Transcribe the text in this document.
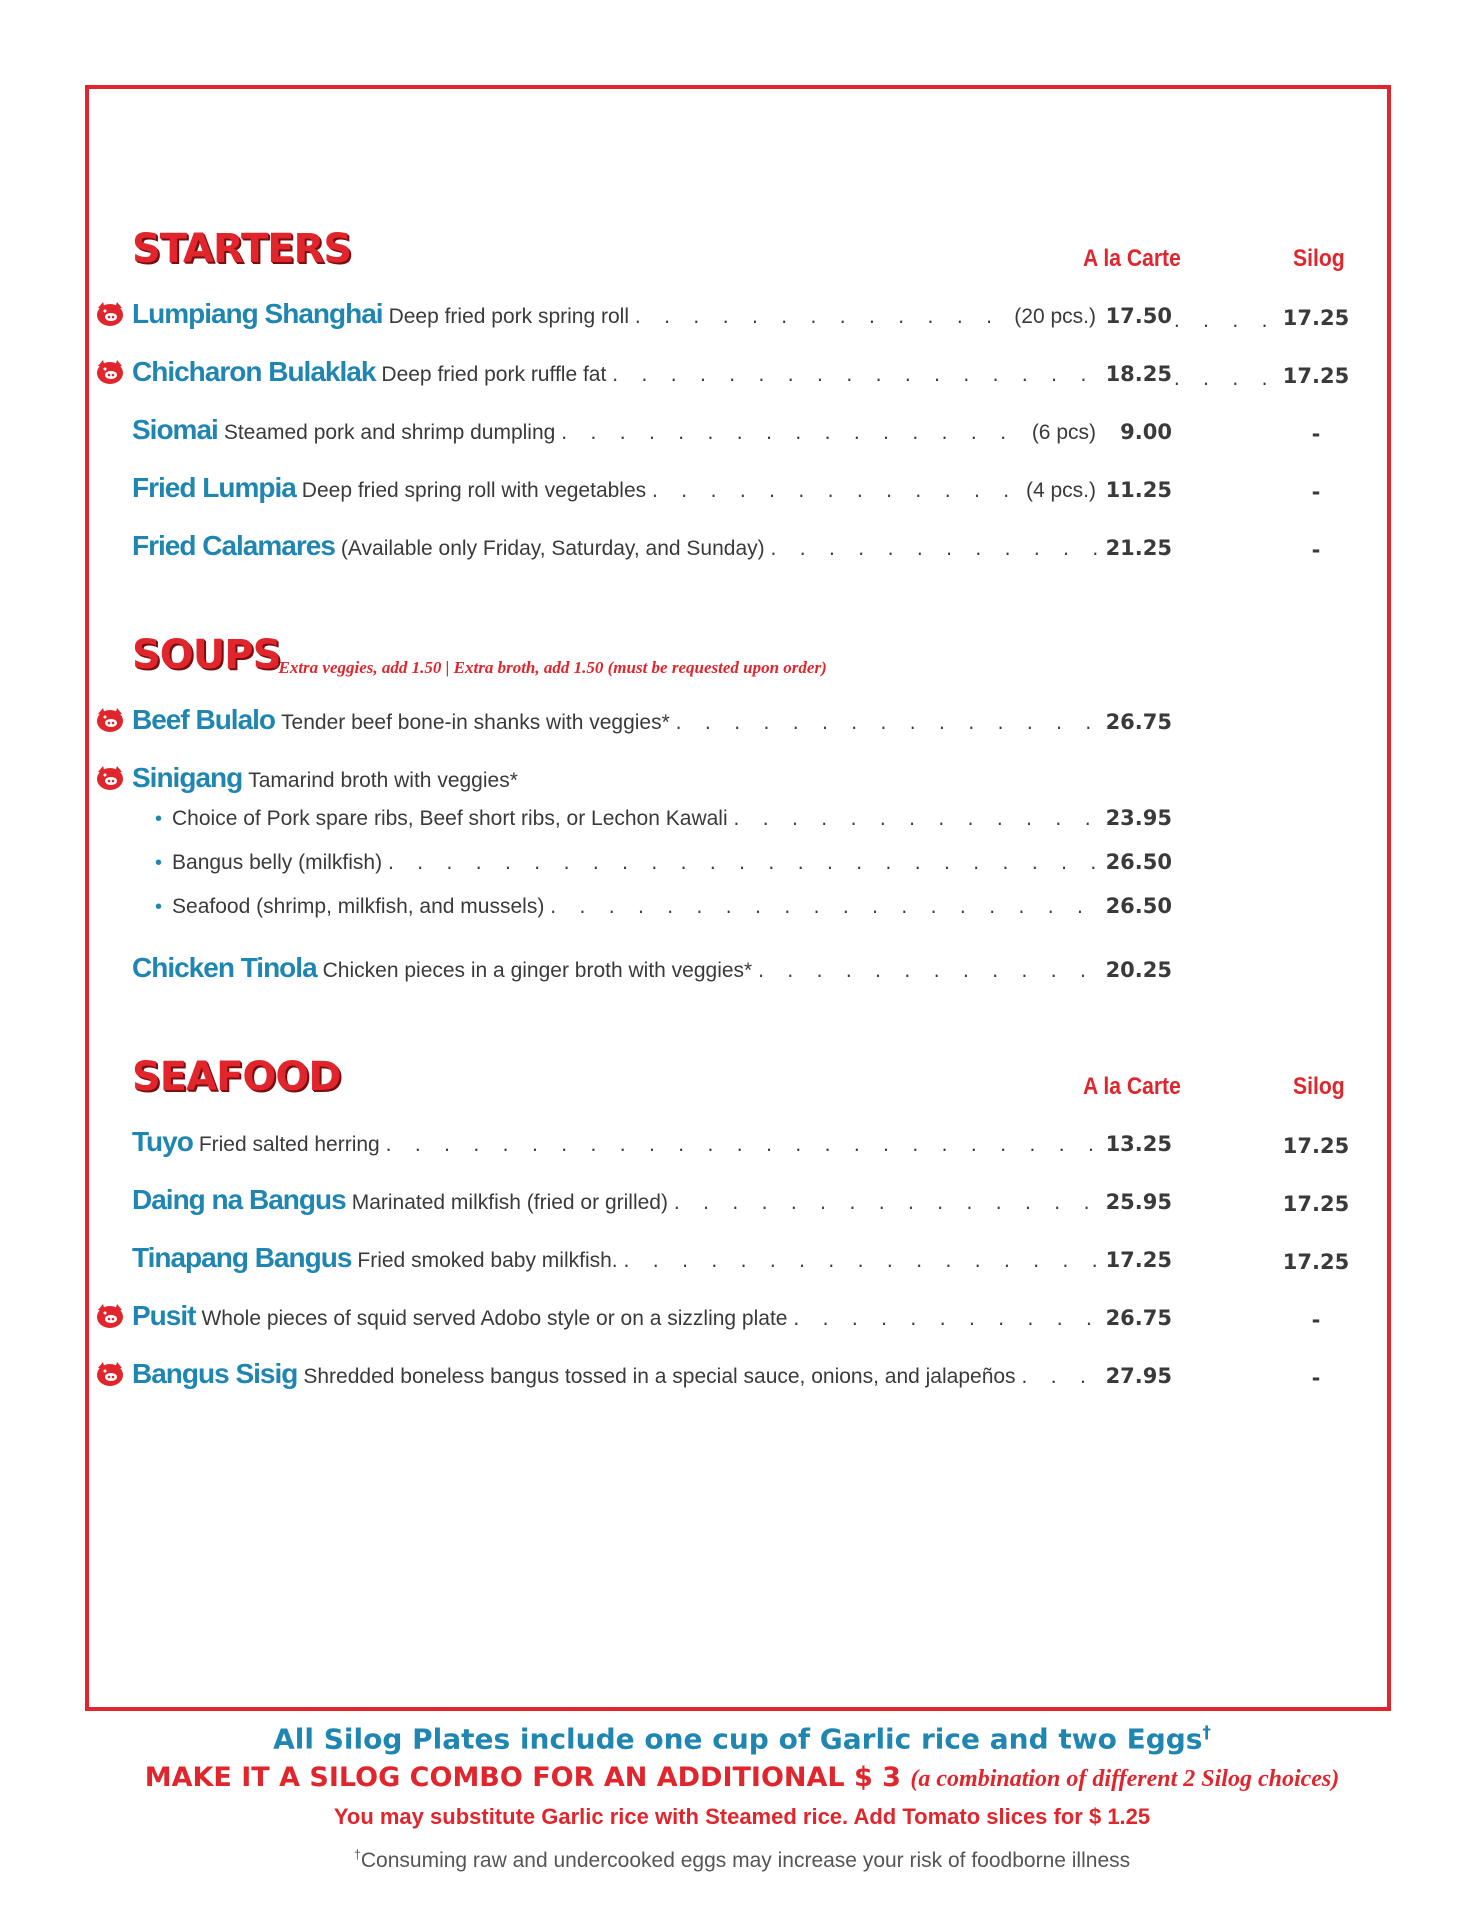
STARTERS	A la Carte	Silog
Lumpiang Shanghai Deep fried pork spring roll . . .	(20 pcs.) 17.50 . . .	17.25
Chicharon Bulaklak Deep fried pork ruffle fat . . .	18.25 . . .	17.25
Siomai Steamed pork and shrimp dumpling . . .	(6 pcs)	9.00	-
Fried Lumpia Deep fried spring roll with vegetables . . .	(4 pcs.) 11.25	-
Fried Calamares (Available only Friday, Saturday, and Sunday) . . .	21.25	-
SOUPS
*Extra veggies, add 1.50 | Extra broth, add 1.50 (must be requested upon order)
Beef Bulalo Tender beef bone-in shanks with veggies* . . .	26.75
Sinigang Tamarind broth with veggies*
• Choice of Pork spare ribs, Beef short ribs, or Lechon Kawali . . .	23.95
• Bangus belly (milkfish) . . .	26.50
• Seafood (shrimp, milkfish, and mussels) . . .	26.50
Chicken Tinola Chicken pieces in a ginger broth with veggies* . . .	20.25
SEAFOOD	A la Carte	Silog
Tuyo Fried salted herring . . .	13.25	17.25
Daing na Bangus Marinated milkfish (fried or grilled) . . .	25.95	17.25
Tinapang Bangus Fried smoked baby milkfish. . . .	17.25	17.25
Pusit Whole pieces of squid served Adobo style or on a sizzling plate . . .	26.75	-
Bangus Sisig Shredded boneless bangus tossed in a special sauce, onions, and jalapeños . . .	27.95	-
All Silog Plates include one cup of Garlic rice and two Eggs†
MAKE IT A SILOG COMBO FOR AN ADDITIONAL $ 3 (a combination of different 2 Silog choices)
You may substitute Garlic rice with Steamed rice. Add Tomato slices for $ 1.25
†Consuming raw and undercooked eggs may increase your risk of foodborne illness
